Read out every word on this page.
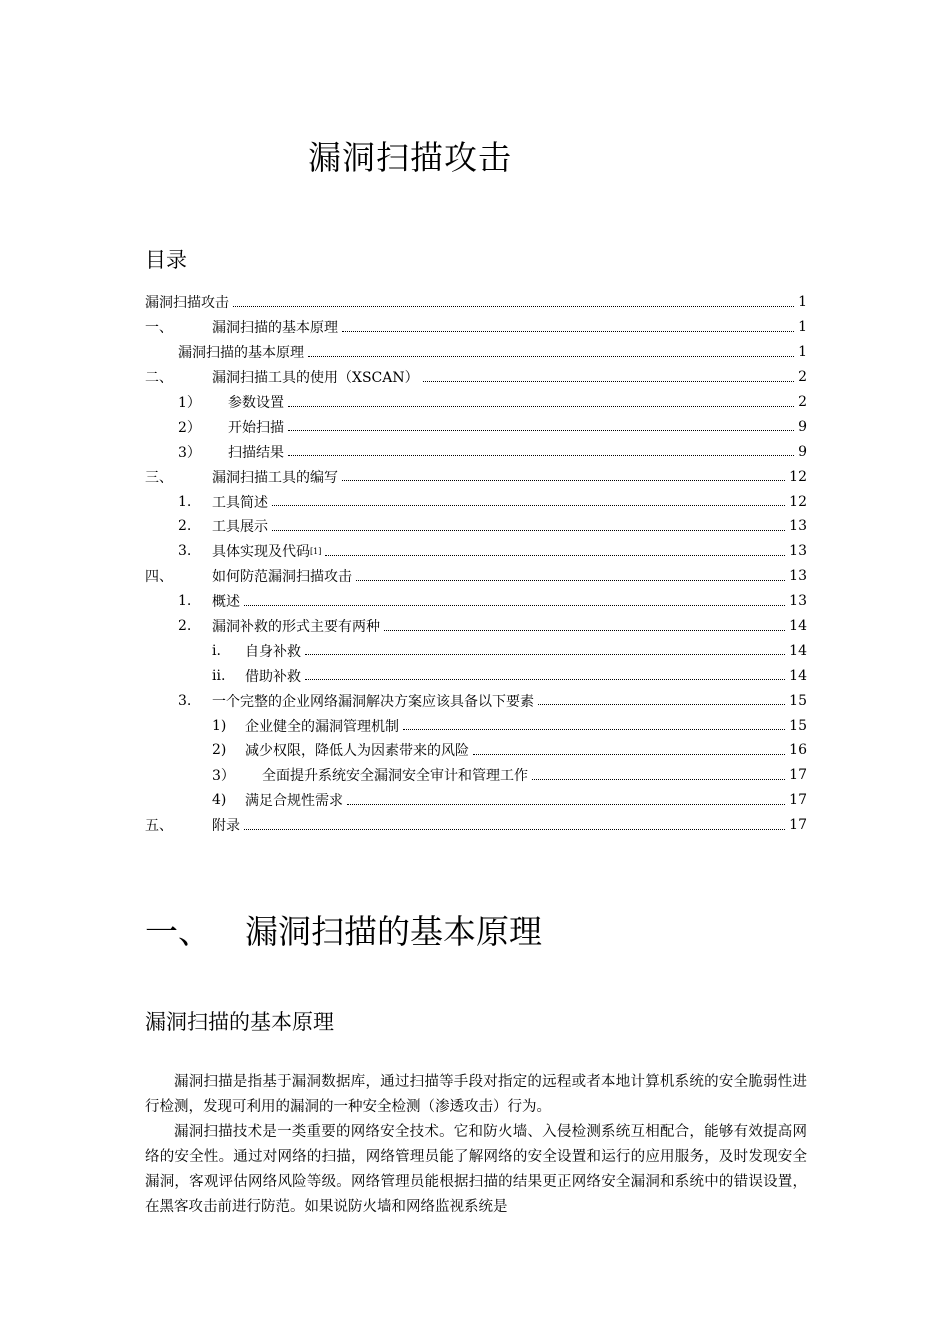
漏洞扫描攻击
目录
漏洞扫描攻击	1
一、	漏洞扫描的基本原理	1
漏洞扫描的基本原理	1
二、	漏洞扫描工具的使用（XSCAN）	2
1）	参数设置	2
2）	开始扫描	9
3）	扫描结果	9
三、	漏洞扫描工具的编写	12
1.	工具简述	12
2.	工具展示	13
3.	具体实现及代码 [1]	13
四、	如何防范漏洞扫描攻击	13
1.	概述	13
2.	漏洞补救的形式主要有两种	14
i.	自身补救	14
ii.	借助补救	14
3.	一个完整的企业网络漏洞解决方案应该具备以下要素	15
1)	企业健全的漏洞管理机制	15
2)	减少权限，降低人为因素带来的风险	16
3）	全面提升系统安全漏洞安全审计和管理工作	17
4)	满足合规性需求	17
五、	附录	17
一、	漏洞扫描的基本原理
漏洞扫描的基本原理

漏洞扫描是指基于漏洞数据库，通过扫描等手段对指定的远程或者本地计算机系统的安全脆弱性进行检测，发现可利用的漏洞的一种安全检测（渗透攻击）行为。

漏洞扫描技术是一类重要的网络安全技术。它和防火墙、入侵检测系统互相配合，能够有效提高网络的安全性。通过对网络的扫描，网络管理员能了解网络的安全设置和运行的应用服务，及时发现安全漏洞，客观评估网络风险等级。网络管理员能根据扫描的结果更正网络安全漏洞和系统中的错误设置，在黑客攻击前进行防范。如果说防火墙和网络监视系统是
